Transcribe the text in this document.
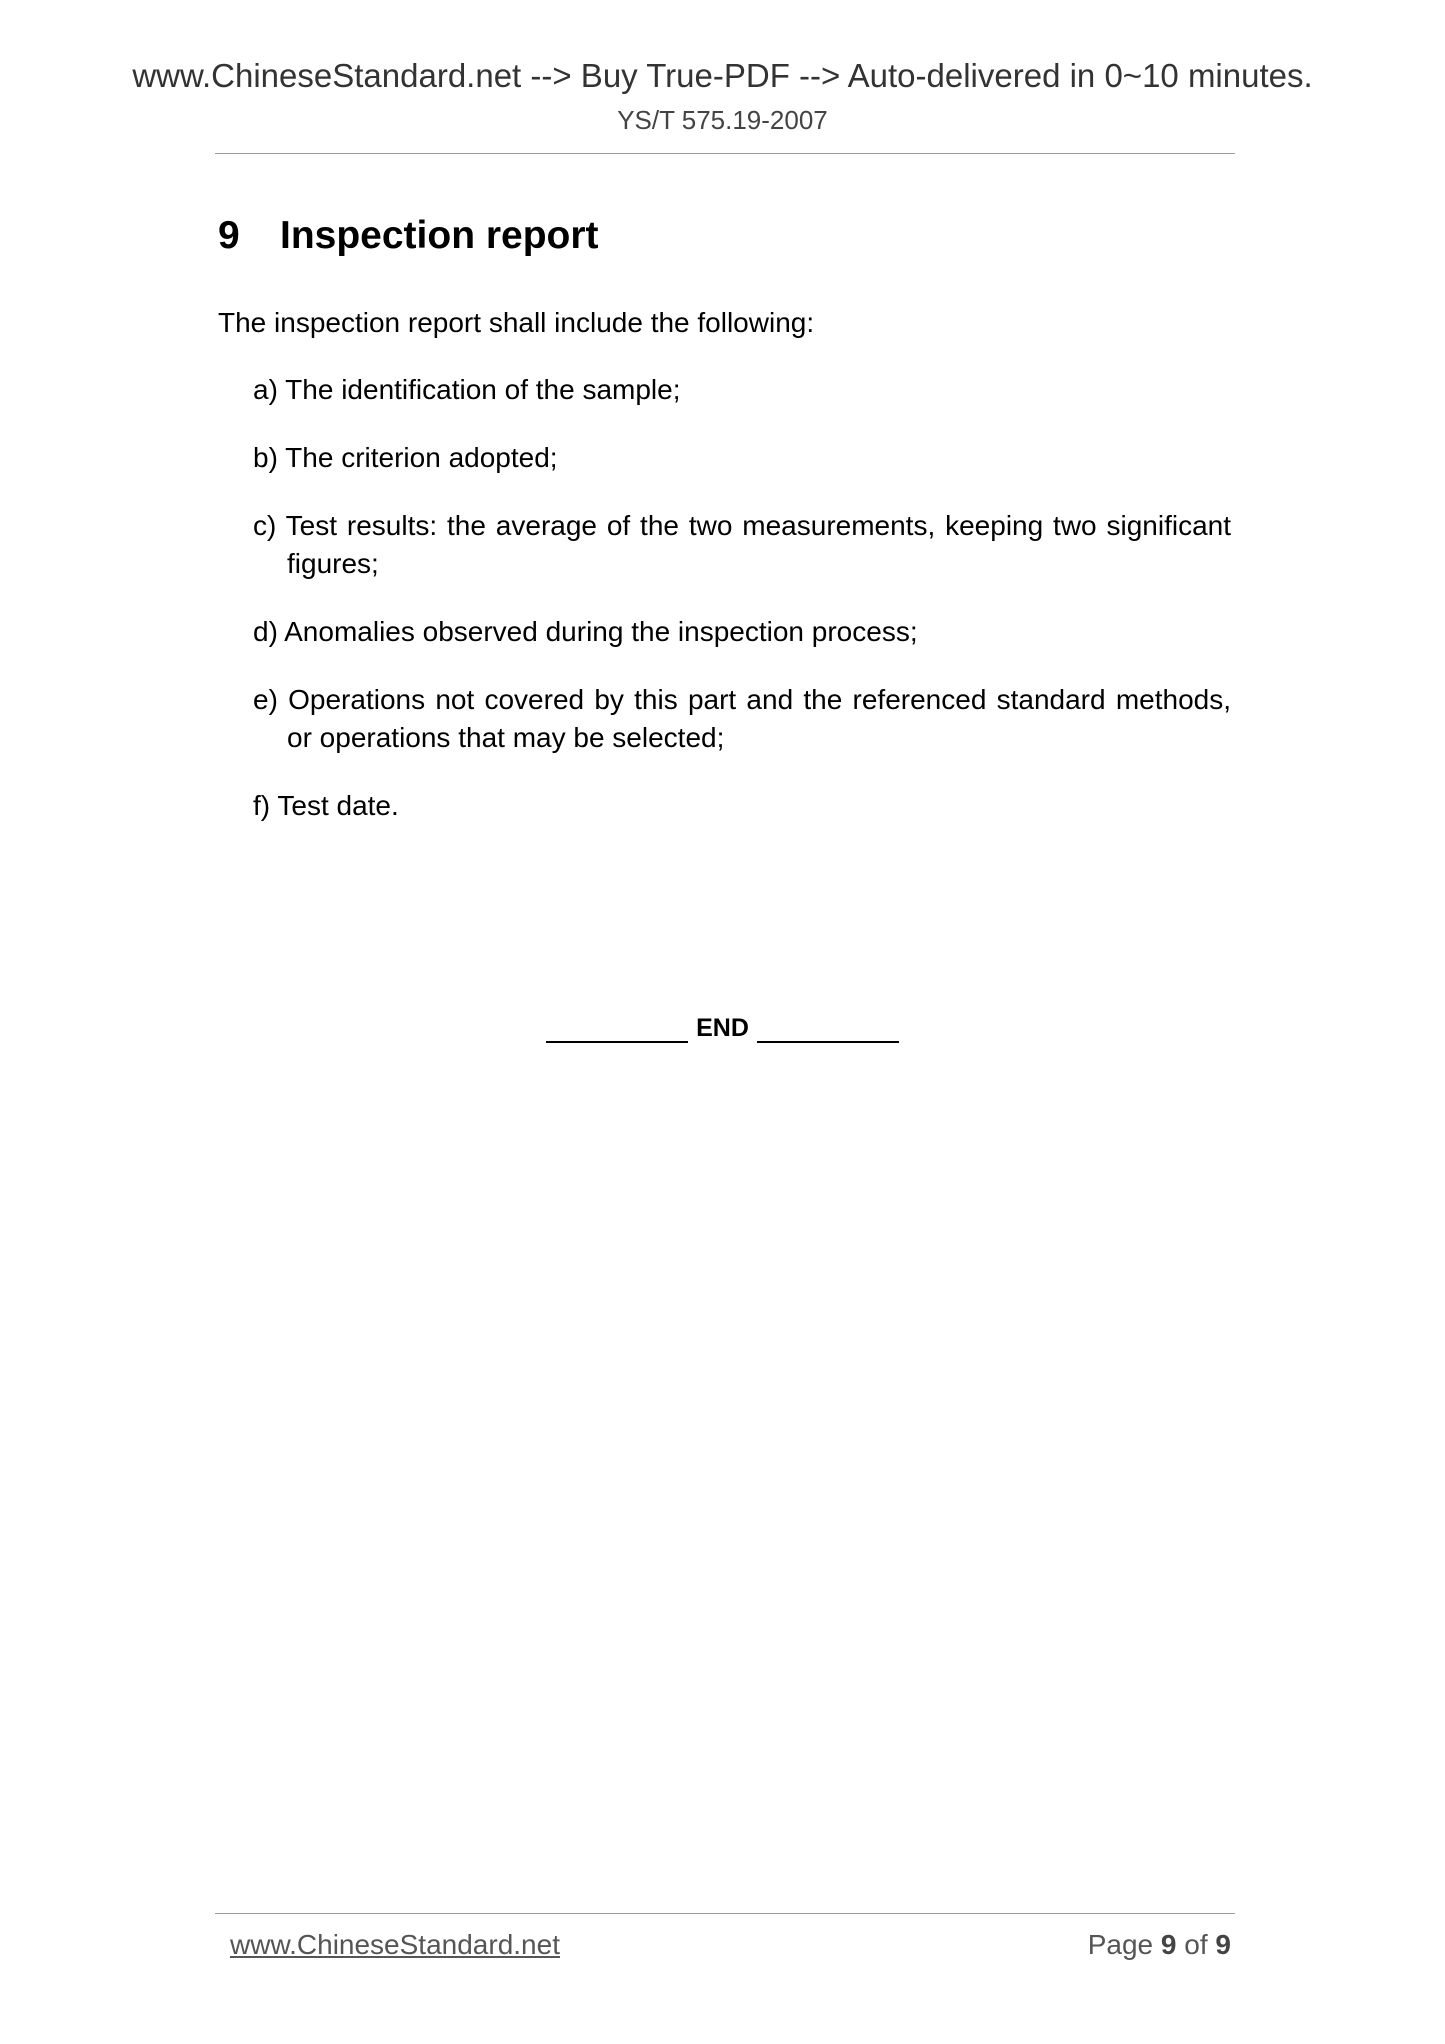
www.ChineseStandard.net --> Buy True-PDF --> Auto-delivered in 0~10 minutes.
YS/T 575.19-2007
9	Inspection report
The inspection report shall include the following:
a) The identification of the sample;
b) The criterion adopted;
c) Test results: the average of the two measurements, keeping two significant figures;
d) Anomalies observed during the inspection process;
e) Operations not covered by this part and the referenced standard methods, or operations that may be selected;
f) Test date.
END
www.ChineseStandard.net	Page 9 of 9
